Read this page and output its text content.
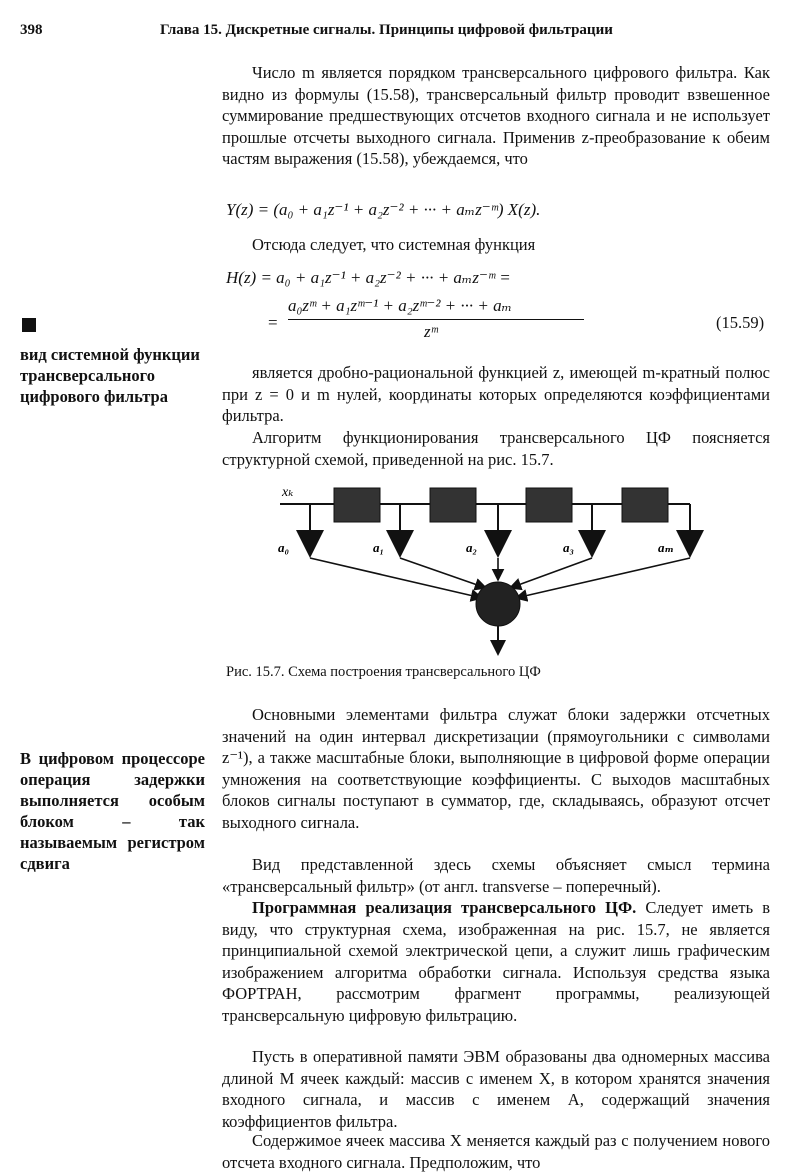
398	Глава 15. Дискретные сигналы. Принципы цифровой фильтрации

Число m является порядком трансверсального цифрового фильтра. Как видно из формулы (15.58), трансверсальный фильтр проводит взвешенное суммирование предшествующих отсчетов входного сигнала и не использует прошлые отсчеты выходного сигнала. Применив z-преобразование к обеим частям выражения (15.58), убеждаемся, что

Y(z) = (a₀ + a₁z⁻¹ + a₂z⁻² + ··· + aₘz⁻ᵐ) X(z).

Отсюда следует, что системная функция

H(z) = a₀ + a₁z⁻¹ + a₂z⁻² + ··· + aₘz⁻ᵐ =
=
a₀zᵐ + a₁zᵐ⁻¹ + a₂zᵐ⁻² + ··· + aₘ
zᵐ	(15.59)
вид системной функции трансверсального цифрового фильтра

является дробно-рациональной функцией z, имеющей m-кратный полюс при z = 0 и m нулей, координаты которых определяются коэффициентами фильтра.

Алгоритм функционирования трансверсального ЦФ поясняется структурной схемой, приведенной на рис. 15.7.

xₖ
a₀	a₁	a₂	a₃	aₘ
Рис. 15.7. Схема построения трансверсального ЦФ

Основными элементами фильтра служат блоки задержки отсчетных значений на один интервал дискретизации (прямоугольники с символами z⁻¹), а также масштабные блоки, выполняющие в цифровой форме операции умножения на соответствующие коэффициенты. С выходов масштабных блоков сигналы поступают в сумматор, где, складываясь, образуют отсчет выходного сигнала.

В цифровом процессоре операция задержки выполняется особым блоком – так называемым регистром сдвига	Вид представленной здесь схемы объясняет смысл термина «трансверсальный фильтр» (от англ. transverse – поперечный).

Программная реализация трансверсального ЦФ. Следует иметь в виду, что структурная схема, изображенная на рис. 15.7, не является принципиальной схемой электрической цепи, а служит лишь графическим изображением алгоритма обработки сигнала. Используя средства языка ФОРТРАН, рассмотрим фрагмент программы, реализующей трансверсальную цифровую фильтрацию.

Пусть в оперативной памяти ЭВМ образованы два одномерных массива длиной M ячеек каждый: массив с именем X, в котором хранятся значения входного сигнала, и массив с именем A, содержащий значения коэффициентов фильтра.

Содержимое ячеек массива X меняется каждый раз с получением нового отсчета входного сигнала. Предположим, что
